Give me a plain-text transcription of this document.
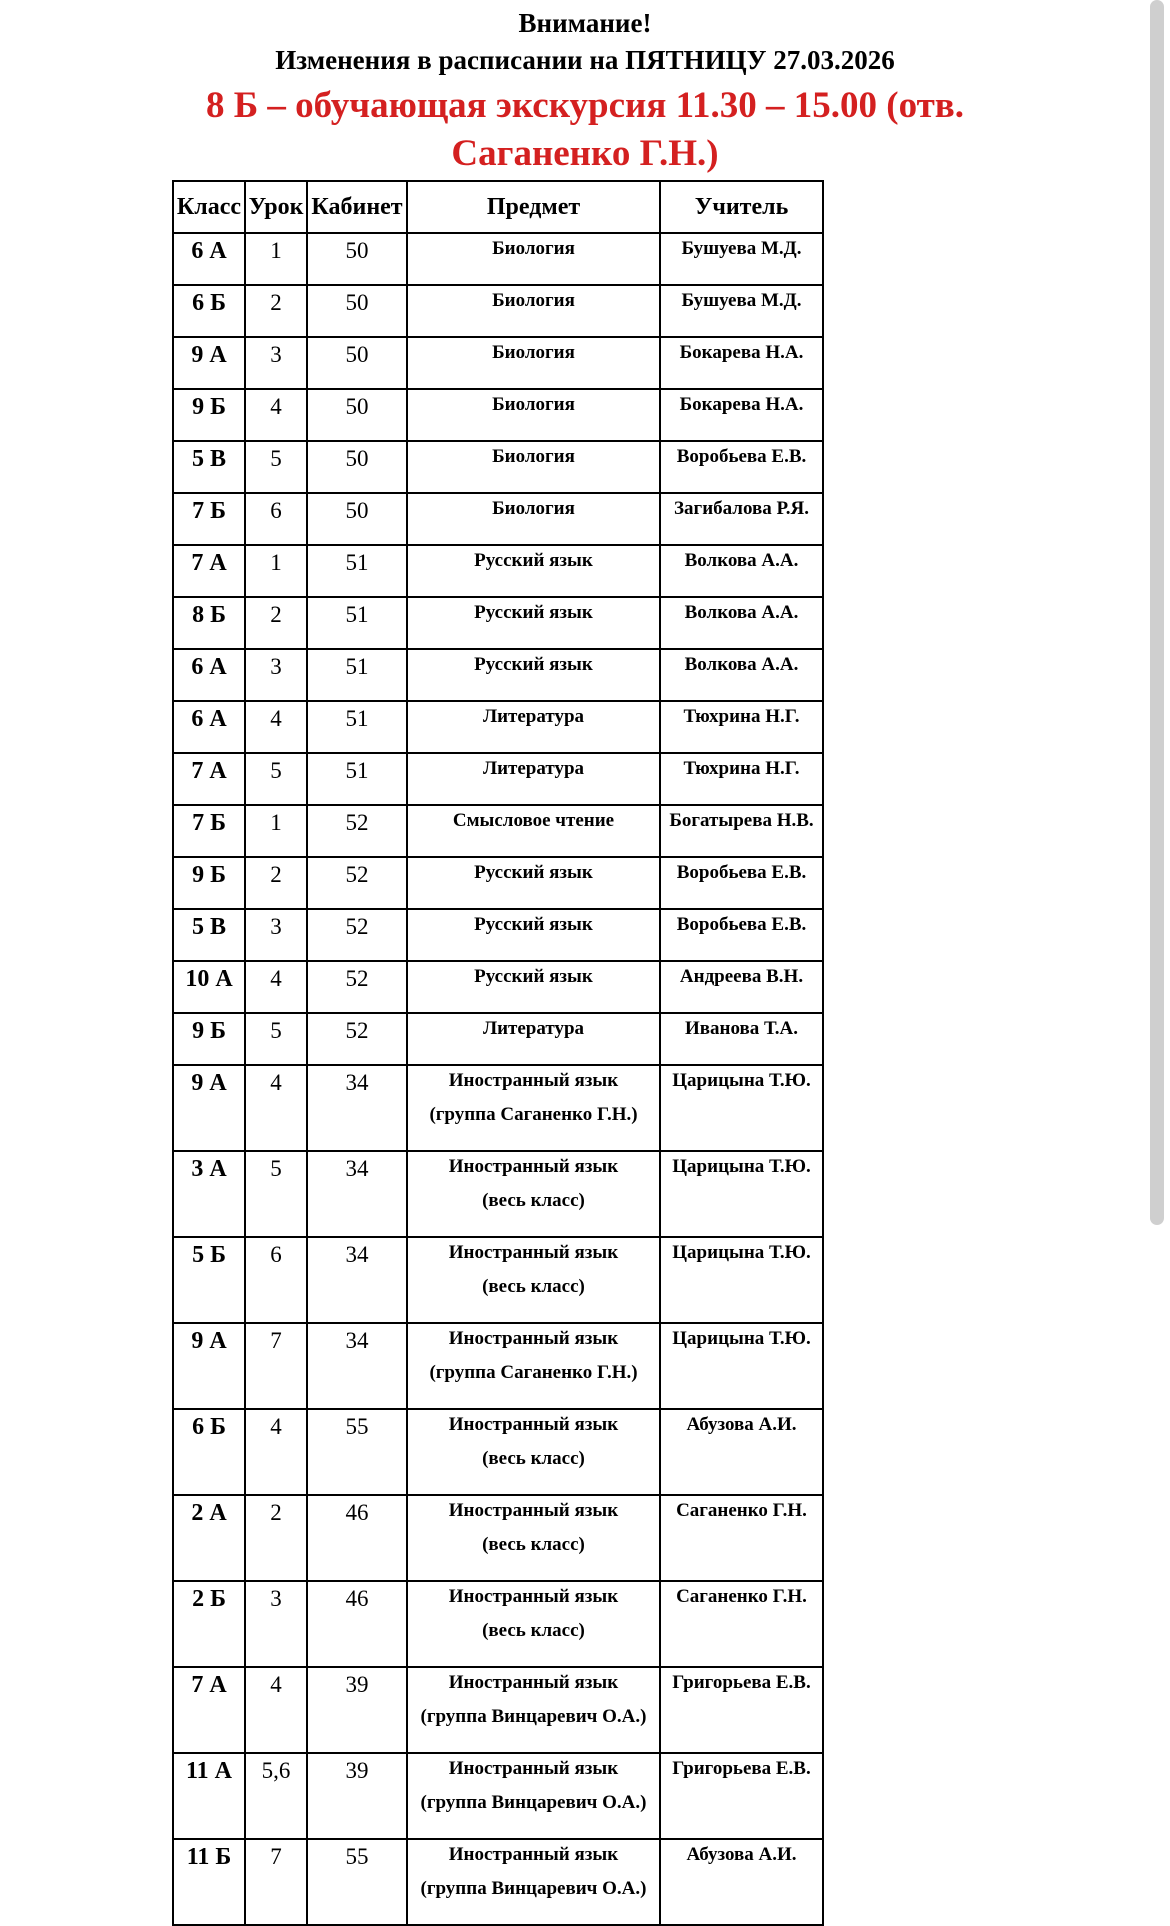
Внимание!
Изменения в расписании на ПЯТНИЦУ 27.03.2026
8 Б – обучающая экскурсия 11.30 – 15.00 (отв.
Саганенко Г.Н.)
Класс	Урок	Кабинет	Предмет	Учитель
6 А	1	50	Биология	Бушуева М.Д.
6 Б	2	50	Биология	Бушуева М.Д.
9 А	3	50	Биология	Бокарева Н.А.
9 Б	4	50	Биология	Бокарева Н.А.
5 В	5	50	Биология	Воробьева Е.В.
7 Б	6	50	Биология	Загибалова Р.Я.
7 А	1	51	Русский язык	Волкова А.А.
8 Б	2	51	Русский язык	Волкова А.А.
6 А	3	51	Русский язык	Волкова А.А.
6 А	4	51	Литература	Тюхрина Н.Г.
7 А	5	51	Литература	Тюхрина Н.Г.
7 Б	1	52	Смысловое чтение	Богатырева Н.В.
9 Б	2	52	Русский язык	Воробьева Е.В.
5 В	3	52	Русский язык	Воробьева Е.В.
10 А	4	52	Русский язык	Андреева В.Н.
9 Б	5	52	Литература	Иванова Т.А.
9 А	4	34	Иностранный язык
(группа Саганенко Г.Н.)	Царицына Т.Ю.
3 А	5	34	Иностранный язык
(весь класс)	Царицына Т.Ю.
5 Б	6	34	Иностранный язык
(весь класс)	Царицына Т.Ю.
9 А	7	34	Иностранный язык
(группа Саганенко Г.Н.)	Царицына Т.Ю.
6 Б	4	55	Иностранный язык
(весь класс)	Абузова А.И.
2 А	2	46	Иностранный язык
(весь класс)	Саганенко Г.Н.
2 Б	3	46	Иностранный язык
(весь класс)	Саганенко Г.Н.
7 А	4	39	Иностранный язык
(группа Винцаревич О.А.)	Григорьева Е.В.
11 А	5,6	39	Иностранный язык
(группа Винцаревич О.А.)	Григорьева Е.В.
11 Б	7	55	Иностранный язык
(группа Винцаревич О.А.)	Абузова А.И.
